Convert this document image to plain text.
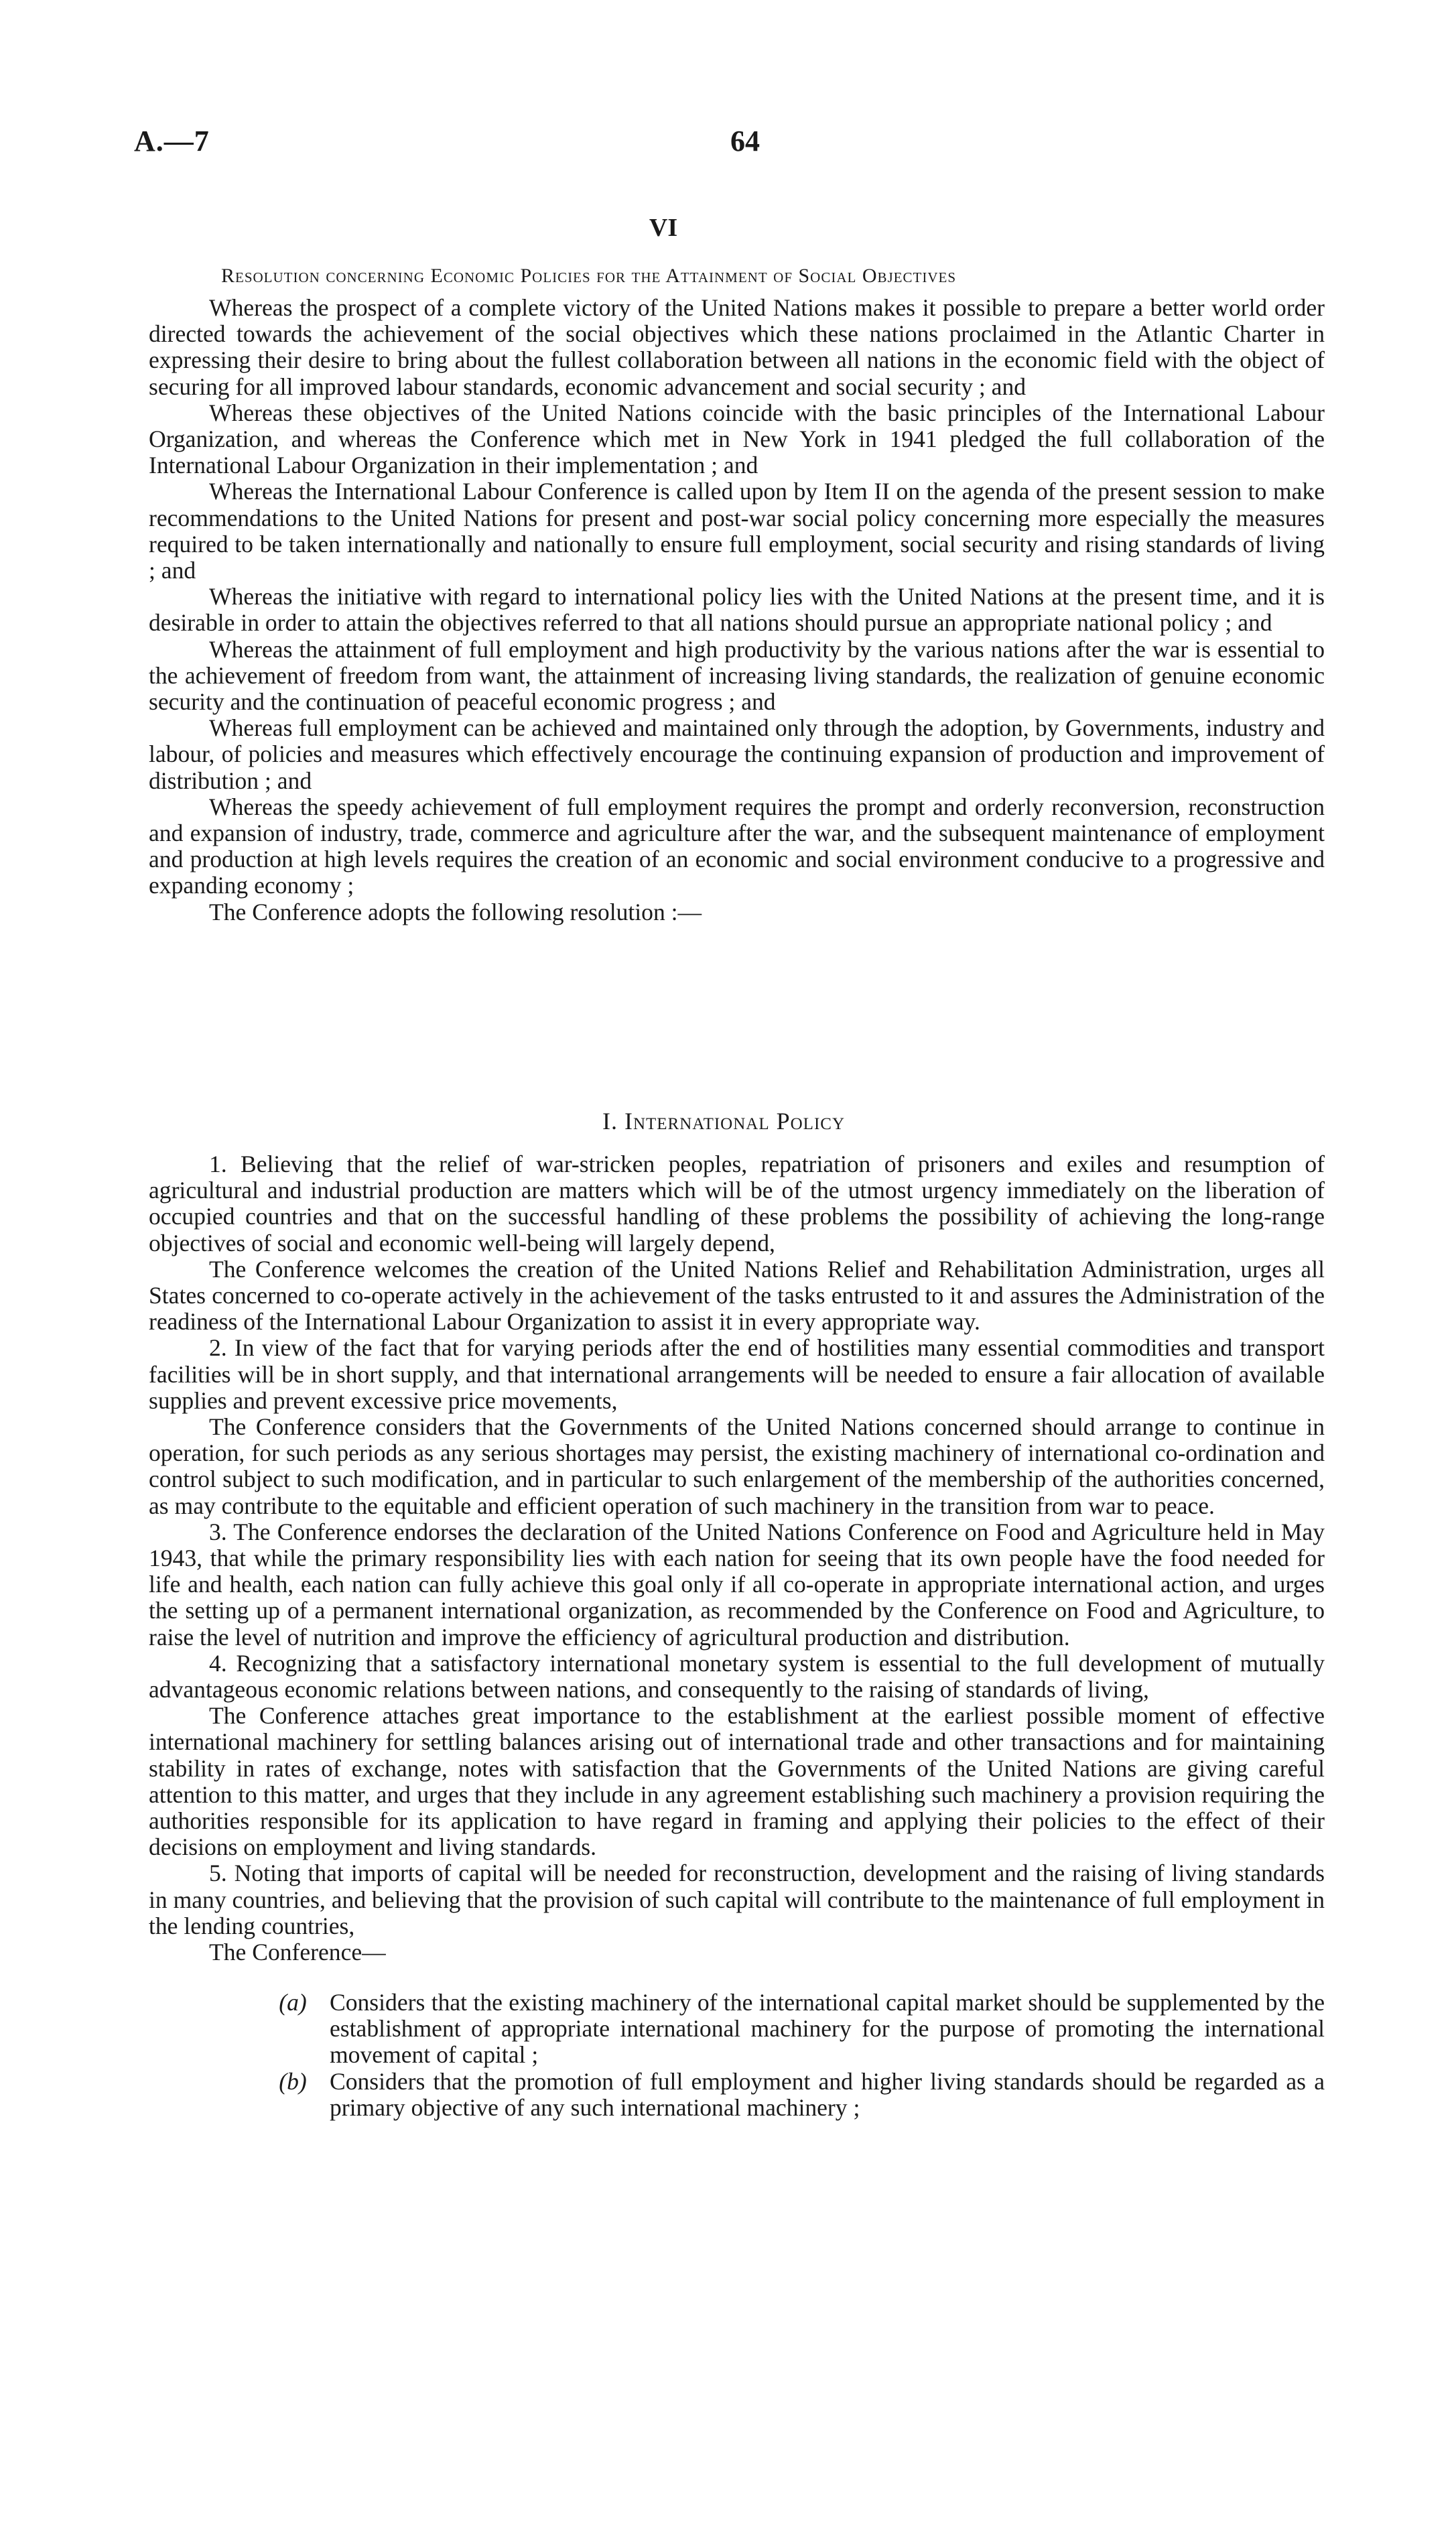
A.—7	64
VI
Resolution concerning Economic Policies for the Attainment of Social Objectives

Whereas the prospect of a complete victory of the United Nations makes it possible to prepare a better world order directed towards the achievement of the social objectives which these nations proclaimed in the Atlantic Charter in expressing their desire to bring about the fullest collaboration between all nations in the economic field with the object of securing for all improved labour standards, economic advancement and social security ; and

Whereas these objectives of the United Nations coincide with the basic principles of the International Labour Organization, and whereas the Conference which met in New York in 1941 pledged the full collaboration of the International Labour Organization in their implementation ; and

Whereas the International Labour Conference is called upon by Item II on the agenda of the present session to make recommendations to the United Nations for present and post-war social policy concerning more especially the measures required to be taken internationally and nationally to ensure full employment, social security and rising standards of living ; and

Whereas the initiative with regard to international policy lies with the United Nations at the present time, and it is desirable in order to attain the objectives referred to that all nations should pursue an appropriate national policy ; and

Whereas the attainment of full employment and high productivity by the various nations after the war is essential to the achievement of freedom from want, the attainment of increasing living standards, the realization of genuine economic security and the continuation of peaceful economic progress ; and

Whereas full employment can be achieved and maintained only through the adoption, by Governments, industry and labour, of policies and measures which effectively encourage the continuing expansion of production and improvement of distribution ; and

Whereas the speedy achievement of full employment requires the prompt and orderly reconversion, reconstruction and expansion of industry, trade, commerce and agriculture after the war, and the subsequent maintenance of employment and production at high levels requires the creation of an economic and social environment conducive to a progressive and expanding economy ;

The Conference adopts the following resolution :—

I. International Policy

1. Believing that the relief of war-stricken peoples, repatriation of prisoners and exiles and resumption of agricultural and industrial production are matters which will be of the utmost urgency immediately on the liberation of occupied countries and that on the successful handling of these problems the possibility of achieving the long-range objectives of social and economic well-being will largely depend,

The Conference welcomes the creation of the United Nations Relief and Rehabilitation Administration, urges all States concerned to co-operate actively in the achievement of the tasks entrusted to it and assures the Administration of the readiness of the International Labour Organization to assist it in every appropriate way.

2. In view of the fact that for varying periods after the end of hostilities many essential commodities and transport facilities will be in short supply, and that international arrangements will be needed to ensure a fair allocation of available supplies and prevent excessive price movements,

The Conference considers that the Governments of the United Nations concerned should arrange to continue in operation, for such periods as any serious shortages may persist, the existing machinery of international co-ordination and control subject to such modification, and in particular to such enlargement of the membership of the authorities concerned, as may contribute to the equitable and efficient operation of such machinery in the transition from war to peace.

3. The Conference endorses the declaration of the United Nations Conference on Food and Agriculture held in May 1943, that while the primary responsibility lies with each nation for seeing that its own people have the food needed for life and health, each nation can fully achieve this goal only if all co-operate in appropriate international action, and urges the setting up of a permanent international organization, as recommended by the Conference on Food and Agriculture, to raise the level of nutrition and improve the efficiency of agricultural production and distribution.

4. Recognizing that a satisfactory international monetary system is essential to the full development of mutually advantageous economic relations between nations, and consequently to the raising of standards of living,

The Conference attaches great importance to the establishment at the earliest possible moment of effective international machinery for settling balances arising out of international trade and other transactions and for maintaining stability in rates of exchange, notes with satisfaction that the Governments of the United Nations are giving careful attention to this matter, and urges that they include in any agreement establishing such machinery a provision requiring the authorities responsible for its application to have regard in framing and applying their policies to the effect of their decisions on employment and living standards.

5. Noting that imports of capital will be needed for reconstruction, development and the raising of living standards in many countries, and believing that the provision of such capital will contribute to the maintenance of full employment in the lending countries,

The Conference—

(a) Considers that the existing machinery of the international capital market should be supplemented by the establishment of appropriate international machinery for the purpose of promoting the international movement of capital ;
(b) Considers that the promotion of full employment and higher living standards should be regarded as a primary objective of any such international machinery ;
